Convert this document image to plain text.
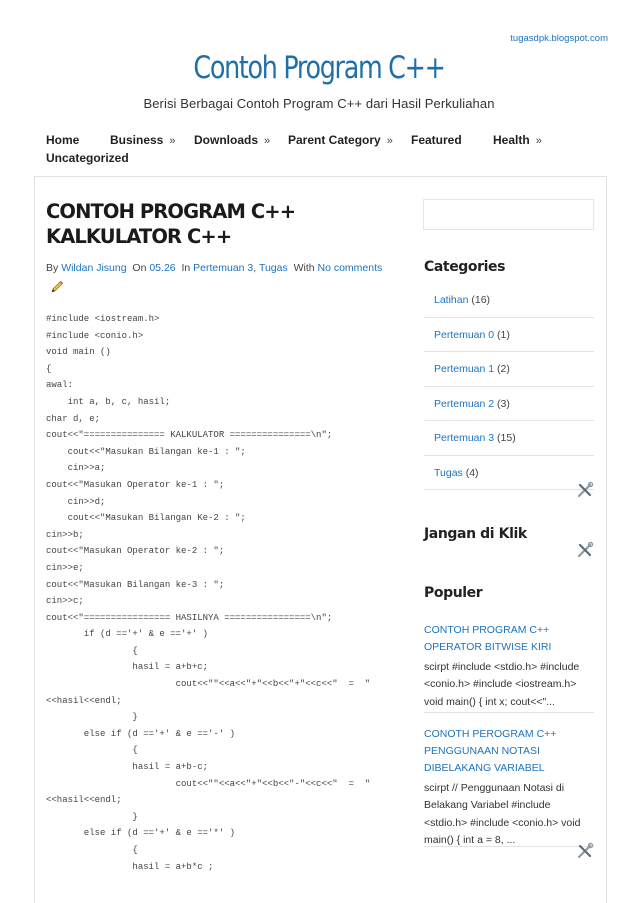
tugasdpk.blogspot.com
Contoh Program C++
Berisi Berbagai Contoh Program C++ dari Hasil Perkuliahan
Home	Business » Downloads » Parent Category » Featured	Health »
Uncategorized
CONTOH PROGRAM C++ KALKULATOR C++
By Wildan Jisung On 05.26 In Pertemuan 3, Tugas With No comments
#include <iostream.h>
#include <conio.h>
void main ()
{
awal:
int a, b, c, hasil;
char d, e;
cout<<"=============== KALKULATOR ===============\n";
cout<<"Masukan Bilangan ke-1 : ";
cin>>a;
cout<<"Masukan Operator ke-1 : ";
cin>>d;
cout<<"Masukan Bilangan Ke-2 : ";
cin>>b;
cout<<"Masukan Operator ke-2 : ";
cin>>e;
cout<<"Masukan Bilangan ke-3 : ";
cin>>c;
cout<<"================ HASILNYA ================\n";
if (d =='+' & e =='+' )
{
hasil = a+b+c;
cout<<""<<a<<"+"<<b<<"+"<<c<<"  =  "
<<hasil<<endl;
}
else if (d =='+' & e =='-' )
{
hasil = a+b-c;
cout<<""<<a<<"+"<<b<<"-"<<c<<"  =  "
<<hasil<<endl;
}
else if (d =='+' & e =='*' )
{
hasil = a+b*c ;
Categories
Latihan (16)
Pertemuan 0 (1)
Pertemuan 1 (2)
Pertemuan 2 (3)
Pertemuan 3 (15)
Tugas (4)
Jangan di Klik
Populer
CONTOH PROGRAM C++ OPERATOR BITWISE KIRI
scirpt #include <stdio.h> #include <conio.h> #include <iostream.h> void main() { int x; cout<<"...
CONOTH PEROGRAM C++ PENGGUNAAN NOTASI DIBELAKANG VARIABEL
scirpt // Penggunaan Notasi di Belakang Variabel #include <stdio.h> #include <conio.h> void main() { int a = 8, ...
